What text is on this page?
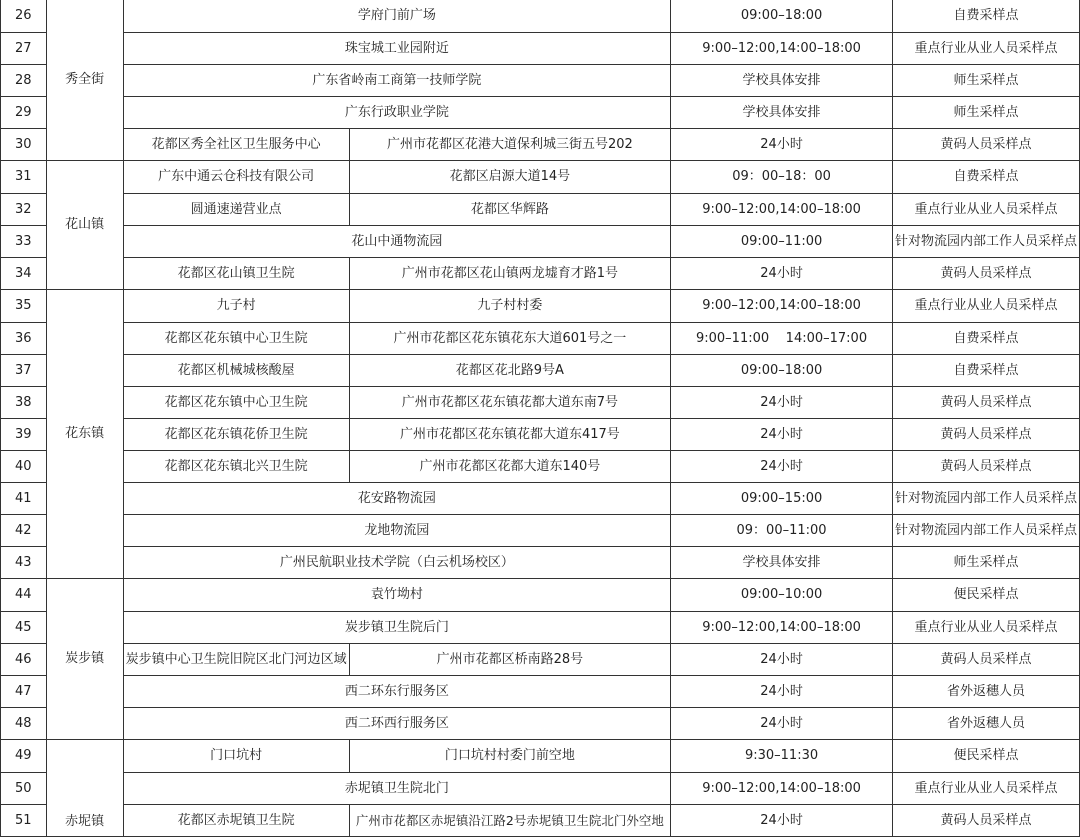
26	秀全街	学府门前广场		09:00–18:00	自费采样点
27		珠宝城工业园附近		9:00–12:00,14:00–18:00	重点行业从业人员采样点
28		广东省岭南工商第一技师学院		学校具体安排	师生采样点
29		广东行政职业学院		学校具体安排	师生采样点
30		花都区秀全社区卫生服务中心	广州市花都区花港大道保利城三街五号202	24小时	黄码人员采样点
31	花山镇	广东中通云仓科技有限公司	花都区启源大道14号	09：00–18：00	自费采样点
32		圆通速递营业点	花都区华辉路	9:00–12:00,14:00–18:00	重点行业从业人员采样点
33		花山中通物流园		09:00–11:00	针对物流园内部工作人员采样点
34		花都区花山镇卫生院	广州市花都区花山镇两龙墟育才路1号	24小时	黄码人员采样点
35	花东镇	九子村	九子村村委	9:00–12:00,14:00–18:00	重点行业从业人员采样点
36		花都区花东镇中心卫生院	广州市花都区花东镇花东大道601号之一	9:00–11:00    14:00–17:00	自费采样点
37		花都区机械城核酸屋	花都区花北路9号A	09:00–18:00	自费采样点
38		花都区花东镇中心卫生院	广州市花都区花东镇花都大道东南7号	24小时	黄码人员采样点
39		花都区花东镇花侨卫生院	广州市花都区花东镇花都大道东417号	24小时	黄码人员采样点
40		花都区花东镇北兴卫生院	广州市花都区花都大道东140号	24小时	黄码人员采样点
41		花安路物流园		09:00–15:00	针对物流园内部工作人员采样点
42		龙地物流园		09：00–11:00	针对物流园内部工作人员采样点
43		广州民航职业技术学院（白云机场校区）		学校具体安排	师生采样点
44	炭步镇	袁竹坳村		09:00–10:00	便民采样点
45		炭步镇卫生院后门		9:00–12:00,14:00–18:00	重点行业从业人员采样点
46		炭步镇中心卫生院旧院区北门河边区域	广州市花都区桥南路28号	24小时	黄码人员采样点
47		西二环东行服务区		24小时	省外返穗人员
48		西二环西行服务区		24小时	省外返穗人员
49	赤坭镇	门口坑村	门口坑村村委门前空地	9:30–11:30	便民采样点
50		赤坭镇卫生院北门		9:00–12:00,14:00–18:00	重点行业从业人员采样点
51		花都区赤坭镇卫生院	广州市花都区赤坭镇沿江路2号赤坭镇卫生院北门外空地	24小时	黄码人员采样点
